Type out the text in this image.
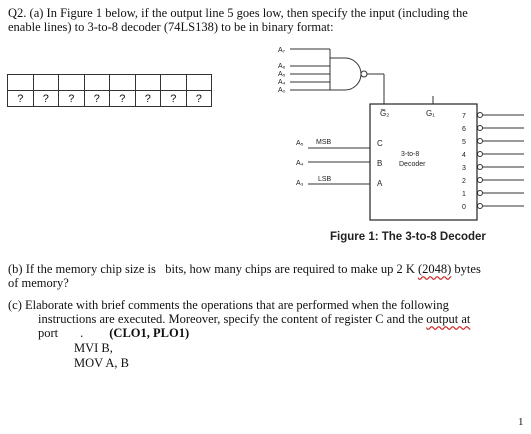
Q2. (a) In Figure 1 below, if the output line 5 goes low, then specify the input (including the
enable lines) to 3-to-8 decoder (74LS138) to be in binary format:

?	?	?	?	?	?	?	?
A₇
A₆
A₅
A₄
A₀
G̅₂	G₁
C
B
A
3-to-8
Decoder
MSB
LSB
A₅
A₄
A₃
7
6
5
4
3
2
1
0
Figure 1: The 3-to-8 Decoder
(b) If the memory chip size is bits, how many chips are required to make up 2 K (2048) bytes
of memory?
(c) Elaborate with brief comments the operations that are performed when the following
instructions are executed. Moreover, specify the content of register C and the output at
port . (CLO1, PLO1)
MVI B,
MOV A, B
1
